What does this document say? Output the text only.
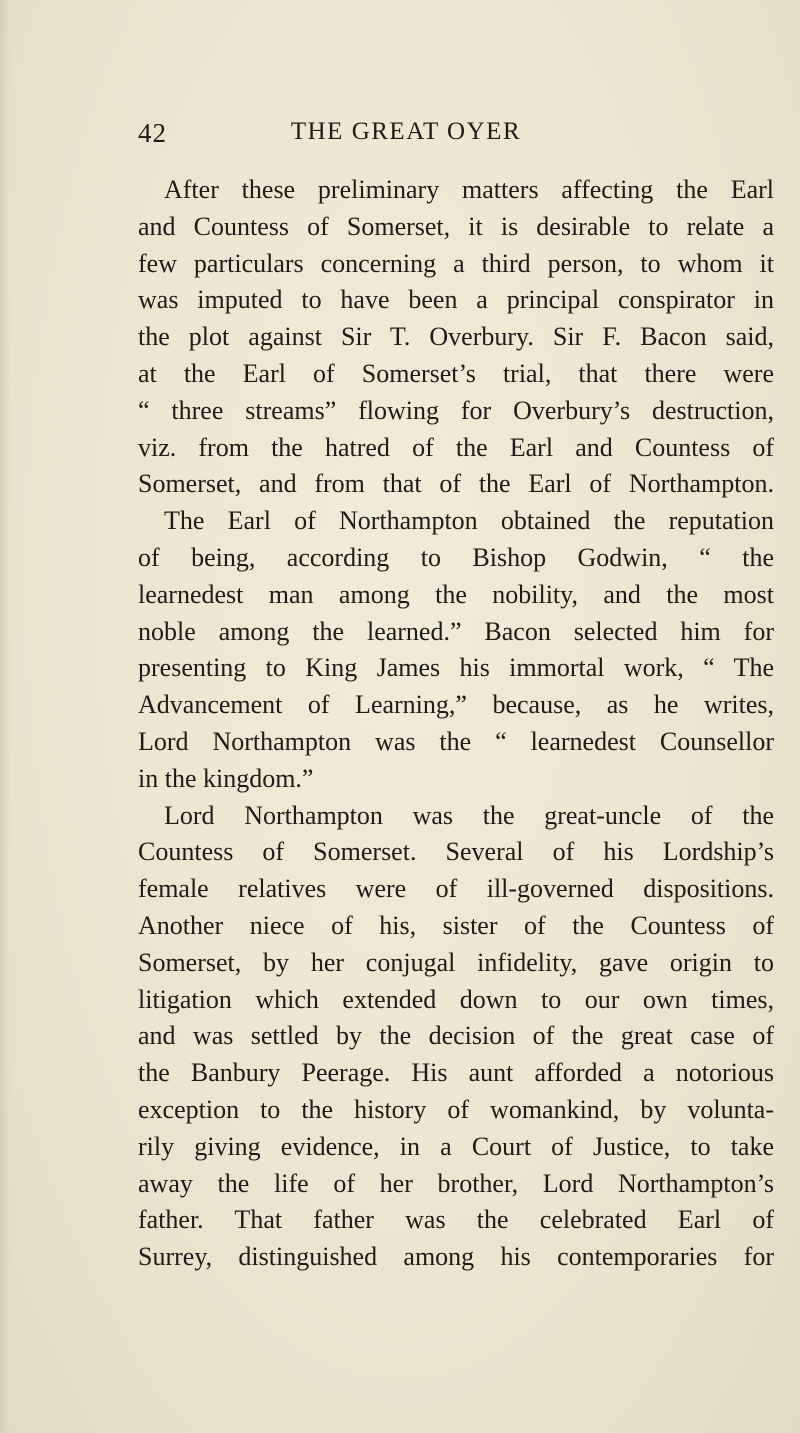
42	THE GREAT OYER
After these preliminary matters affecting the Earl
and Countess of Somerset, it is desirable to relate a
few particulars concerning a third person, to whom it
was imputed to have been a principal conspirator in
the plot against Sir T. Overbury. Sir F. Bacon said,
at the Earl of Somerset’s trial, that there were
“ three streams” flowing for Overbury’s destruction,
viz. from the hatred of the Earl and Countess of
Somerset, and from that of the Earl of Northampton.
The Earl of Northampton obtained the reputation
of being, according to Bishop Godwin, “ the
learnedest man among the nobility, and the most
noble among the learned.” Bacon selected him for
presenting to King James his immortal work, “ The
Advancement of Learning,” because, as he writes,
Lord Northampton was the “ learnedest Counsellor
in the kingdom.”
Lord Northampton was the great-uncle of the
Countess of Somerset. Several of his Lordship’s
female relatives were of ill-governed dispositions.
Another niece of his, sister of the Countess of
Somerset, by her conjugal infidelity, gave origin to
litigation which extended down to our own times,
and was settled by the decision of the great case of
the Banbury Peerage. His aunt afforded a notorious
exception to the history of womankind, by volunta-
rily giving evidence, in a Court of Justice, to take
away the life of her brother, Lord Northampton’s
father. That father was the celebrated Earl of
Surrey, distinguished among his contemporaries for
